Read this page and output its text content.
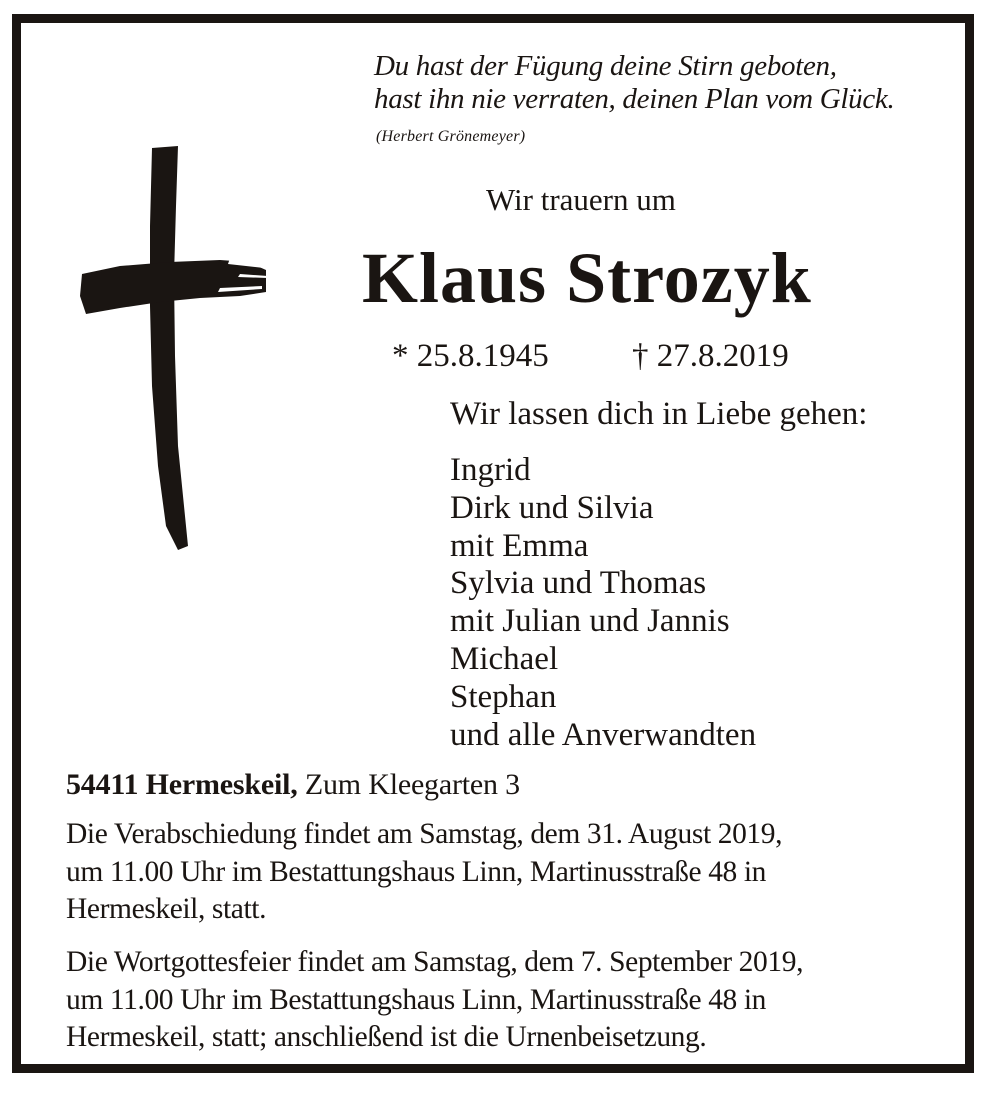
Du hast der Fügung deine Stirn geboten,
hast ihn nie verraten, deinen Plan vom Glück.
(Herbert Grönemeyer)
Wir trauern um
Klaus Strozyk
* 25.8.1945	† 27.8.2019
Wir lassen dich in Liebe gehen:
Ingrid
Dirk und Silvia
mit Emma
Sylvia und Thomas
mit Julian und Jannis
Michael
Stephan
und alle Anverwandten
54411 Hermeskeil, Zum Kleegarten 3

Die Verabschiedung findet am Samstag, dem 31. August 2019,
um 11.00 Uhr im Bestattungshaus Linn, Martinusstraße 48 in
Hermeskeil, statt.

Die Wortgottesfeier findet am Samstag, dem 7. September 2019,
um 11.00 Uhr im Bestattungshaus Linn, Martinusstraße 48 in
Hermeskeil, statt; anschließend ist die Urnenbeisetzung.
